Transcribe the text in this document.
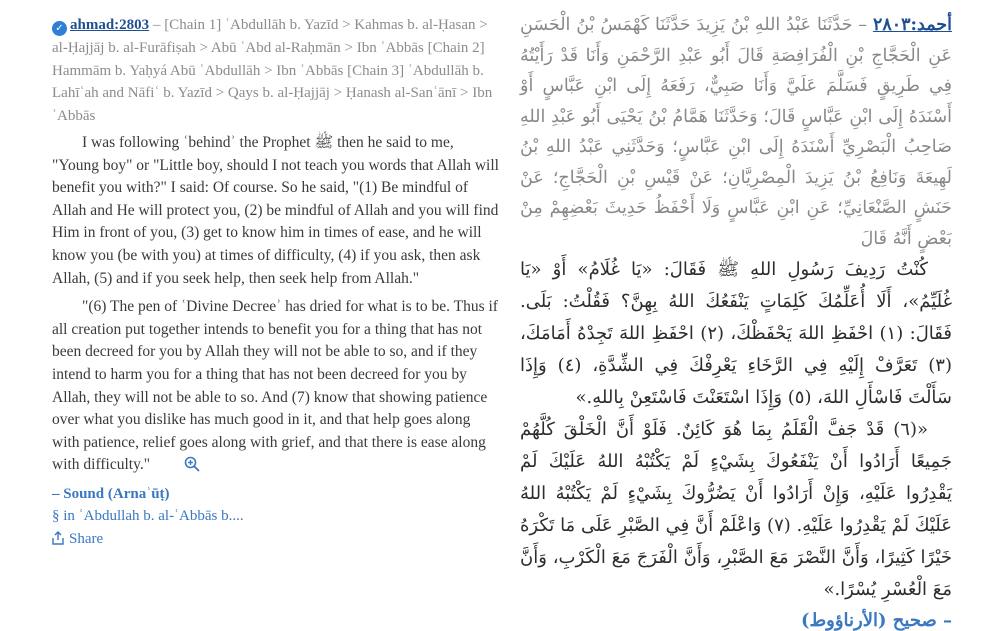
✓ ahmad:2803 – [Chain 1] ʿAbdullāh b. Yazīd > Kahmas b. al-Ḥasan > al-Ḥajjāj b. al-Furāfiṣah > Abū ʿAbd al-Raḥmān > Ibn ʿAbbās [Chain 2] Hammām b. Yaḥyá Abū ʿAbdullāh > Ibn ʿAbbās [Chain 3] ʿAbdullāh b. Lahīʿah and Nāfiʿ b. Yazīd > Qays b. al-Ḥajjāj > Ḥanash al-Sanʿānī > Ibn ʿAbbās

I was following ʿbehindʾ the Prophet ﷺ then he said to me, "Young boy" or "Little boy, should I not teach you words that Allah will benefit you with?" I said: Of course. So he said, "(1) Be mindful of Allah and He will protect you, (2) be mindful of Allah and you will find Him in front of you, (3) get to know him in times of ease, and he will know you (be with you) at times of difficulty, (4) if you ask, then ask Allah, (5) and if you seek help, then seek help from Allah."

"(6) The pen of ʿDivine Decreeʾ has dried for what is to be. Thus if all creation put together intends to benefit you for a thing that has not been decreed for you by Allah they will not be able to so, and if they intend to harm you for a thing that has not been decreed for you by Allah, they will not be able to so. And (7) know that showing patience over what you dislike has much good in it, and that help goes along with patience, relief goes along with grief, and that there is ease along with difficulty."

– Sound (Arnaʾūṭ)
§ in ʿAbdullah b. al-ʿAbbās b....
Share
أحمد:٢٨٠٣ – حَدَّثَنَا عَبْدُ اللهِ بْنُ يَزِيدَ حَدَّثَنَا كَهْمَسُ بْنُ الْحَسَنِ عَنِ الْحَجَّاجِ بْنِ الْفُرَافِصَةِ قَالَ أَبُو عَبْدِ الرَّحْمَنِ وَأَنَا قَدْ رَأَيْتُهُ فِي طَرِيقٍ فَسَلَّمَ عَلَيَّ وَأَنَا صَبِيٌّ، رَفَعَهُ إِلَى ابْنِ عَبَّاسٍ أَوْ أَسْنَدَهُ إِلَى ابْنِ عَبَّاسٍ قَالَ؛ وَحَدَّثَنَا هَمَّامُ بْنُ يَحْيَى أَبُو عَبْدِ اللهِ صَاحِبُ الْبَصْرِيِّ أَسْنَدَهُ إِلَى ابْنِ عَبَّاسٍ؛ وَحَدَّثَنِي عَبْدُ اللهِ بْنُ لَهِيعَةَ وَنَافِعُ بْنُ يَزِيدَ الْمِصْرِيَّانِ؛ عَنْ قَيْسِ بْنِ الْحَجَّاجِ؛ عَنْ حَنَشٍ الصَّنْعَانِيِّ؛ عَنِ ابْنِ عَبَّاسٍ وَلَا أَحْفَظُ حَدِيثَ بَعْضِهِمْ مِنْ بَعْضٍ أَنَّهُ قَالَ

كُنْتُ رَدِيفَ رَسُولِ اللهِ ﷺ فَقَالَ: «يَا غُلَامُ» أَوْ «يَا غُلَيِّمُ»، أَلَا أُعَلِّمُكَ كَلِمَاتٍ يَنْفَعُكَ اللهُ بِهِنَّ؟ فَقُلْتُ: بَلَى. فَقَالَ: (١) احْفَظِ اللهَ يَحْفَظْكَ، (٢) احْفَظِ اللهَ تَجِدْهُ أَمَامَكَ، (٣) تَعَرَّفْ إِلَيْهِ فِي الرَّخَاءِ يَعْرِفْكَ فِي الشِّدَّةِ، (٤) وَإِذَا سَأَلْتَ فَاسْأَلِ اللهَ، (٥) وَإِذَا اسْتَعَنْتَ فَاسْتَعِنْ بِاللهِ.»

«(٦) قَدْ جَفَّ الْقَلَمُ بِمَا هُوَ كَائِنٌ. فَلَوْ أَنَّ الْخَلْقَ كُلَّهُمْ جَمِيعًا أَرَادُوا أَنْ يَنْفَعُوكَ بِشَيْءٍ لَمْ يَكْتُبْهُ اللهُ عَلَيْكَ لَمْ يَقْدِرُوا عَلَيْهِ، وَإِنْ أَرَادُوا أَنْ يَضُرُّوكَ بِشَيْءٍ لَمْ يَكْتُبْهُ اللهُ عَلَيْكَ لَمْ يَقْدِرُوا عَلَيْهِ. (٧) وَاعْلَمْ أَنَّ فِي الصَّبْرِ عَلَى مَا تَكْرَهُ خَيْرًا كَثِيرًا، وَأَنَّ النَّصْرَ مَعَ الصَّبْرِ، وَأَنَّ الْفَرَجَ مَعَ الْكَرْبِ، وَأَنَّ مَعَ الْعُسْرِ يُسْرًا.»

– صحيح (الأرناؤوط)
